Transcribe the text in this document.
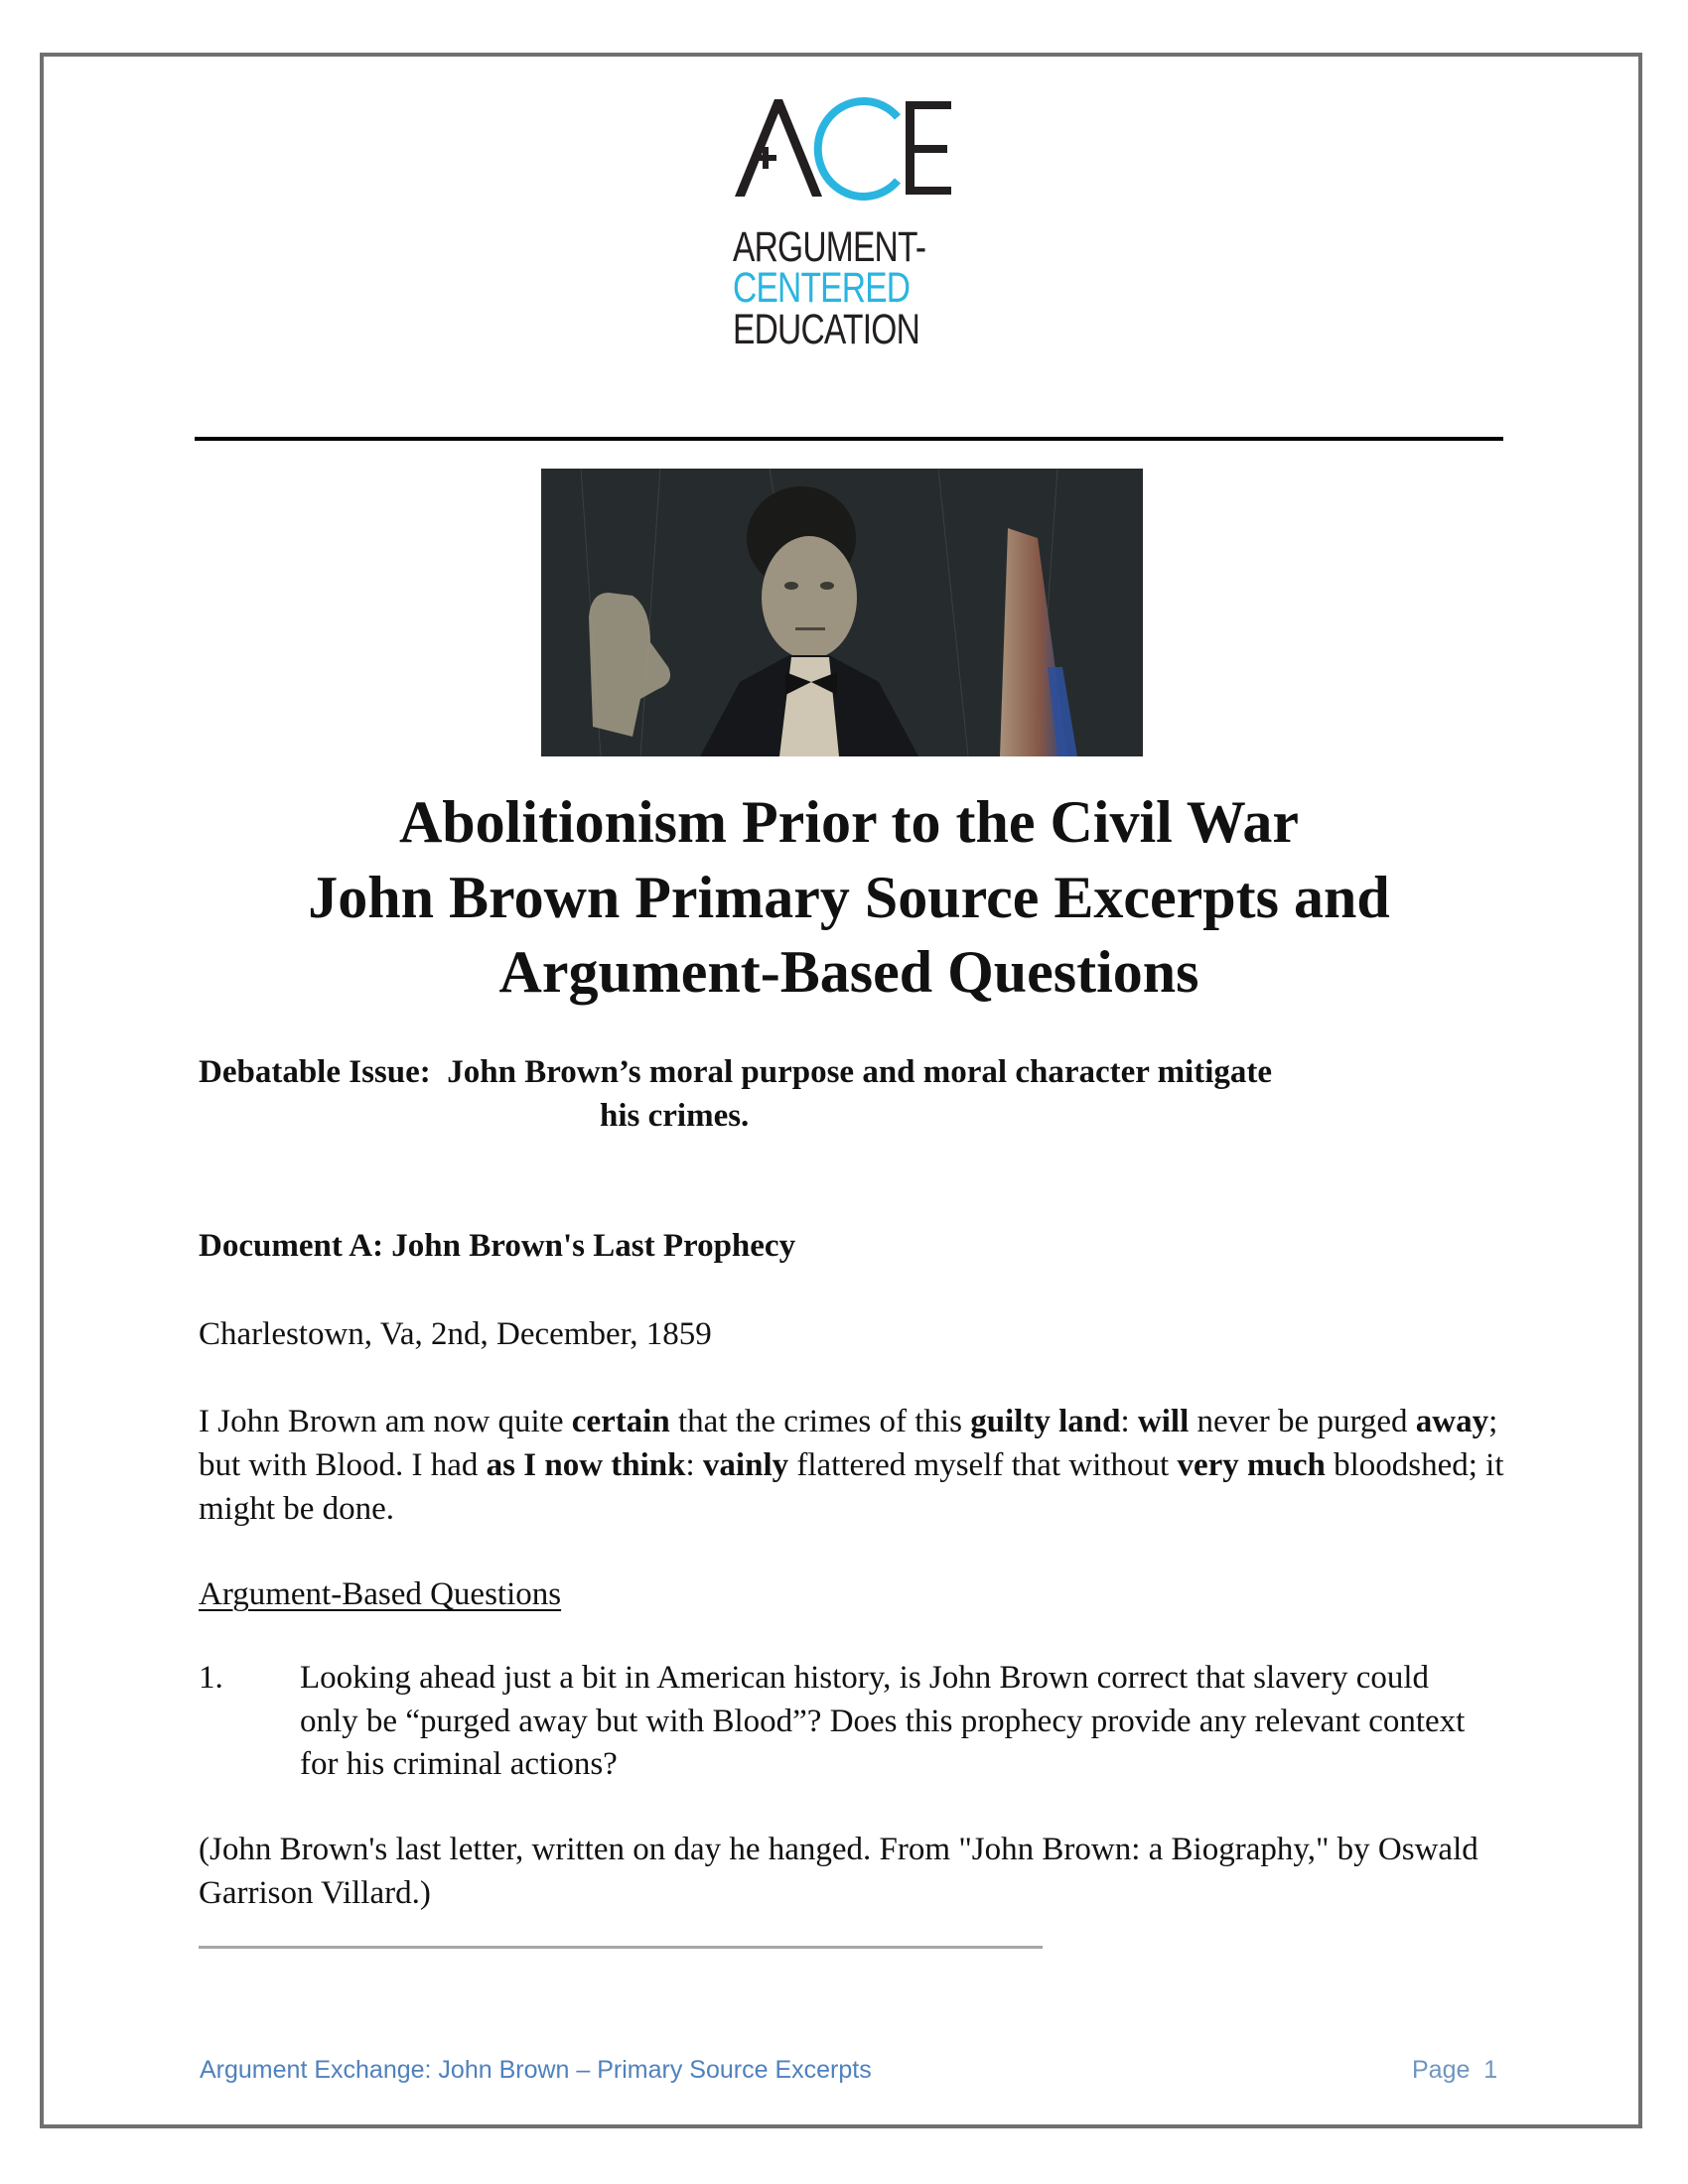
ARGUMENT-
CENTERED
EDUCATION
Abolitionism Prior to the Civil War
John Brown Primary Source Excerpts and
Argument-Based Questions
Debatable Issue: John Brown’s moral purpose and moral character mitigate
his crimes.
Document A: John Brown's Last Prophecy
Charlestown, Va, 2nd, December, 1859
I John Brown am now quite certain that the crimes of this guilty land: will never be purged away; but with Blood. I had as I now think: vainly flattered myself that without very much bloodshed; it might be done.
Argument-Based Questions
1. Looking ahead just a bit in American history, is John Brown correct that slavery could only be “purged away but with Blood”? Does this prophecy provide any relevant context for his criminal actions?
(John Brown's last letter, written on day he hanged. From "John Brown: a Biography," by Oswald Garrison Villard.)
Argument Exchange: John Brown – Primary Source Excerpts	Page  1
